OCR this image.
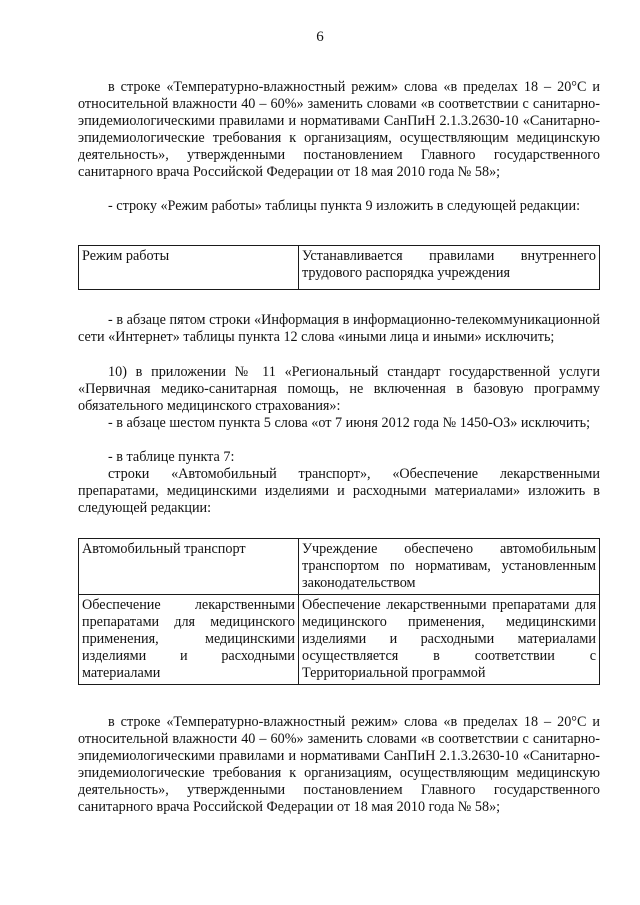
6

в строке «Температурно-влажностный режим» слова «в пределах 18 – 20°С и относительной влажности 40 – 60%» заменить словами «в соответствии с санитарно-эпидемиологическими правилами и нормативами СанПиН 2.1.3.2630-10 «Санитарно-эпидемиологические требования к организациям, осуществляющим медицинскую деятельность», утвержденными постановлением Главного государственного санитарного врача Российской Федерации от 18 мая 2010 года № 58»;

- строку «Режим работы» таблицы пункта 9 изложить в следующей редакции:

Режим работы	Устанавливается правилами внутреннего трудового распорядка учреждения

- в абзаце пятом строки «Информация в информационно-телекоммуникационной сети «Интернет» таблицы пункта 12 слова «иными лица и иными» исключить;

10) в приложении № 11 «Региональный стандарт государственной услуги «Первичная медико-санитарная помощь, не включенная в базовую программу обязательного медицинского страхования»:

- в абзаце шестом пункта 5 слова «от 7 июня 2012 года № 1450-ОЗ» исключить;

- в таблице пункта 7:

строки «Автомобильный транспорт», «Обеспечение лекарственными препаратами, медицинскими изделиями и расходными материалами» изложить в следующей редакции:

Автомобильный транспорт	Учреждение обеспечено автомобильным транспортом по нормативам, установленным законодательством
Обеспечение лекарственными препаратами для медицинского применения, медицинскими изделиями и расходными материалами	Обеспечение лекарственными препаратами для медицинского применения, медицинскими изделиями и расходными материалами осуществляется в соответствии с Территориальной программой

в строке «Температурно-влажностный режим» слова «в пределах 18 – 20°С и относительной влажности 40 – 60%» заменить словами «в соответствии с санитарно-эпидемиологическими правилами и нормативами СанПиН 2.1.3.2630-10 «Санитарно-эпидемиологические требования к организациям, осуществляющим медицинскую деятельность», утвержденными постановлением Главного государственного санитарного врача Российской Федерации от 18 мая 2010 года № 58»;
